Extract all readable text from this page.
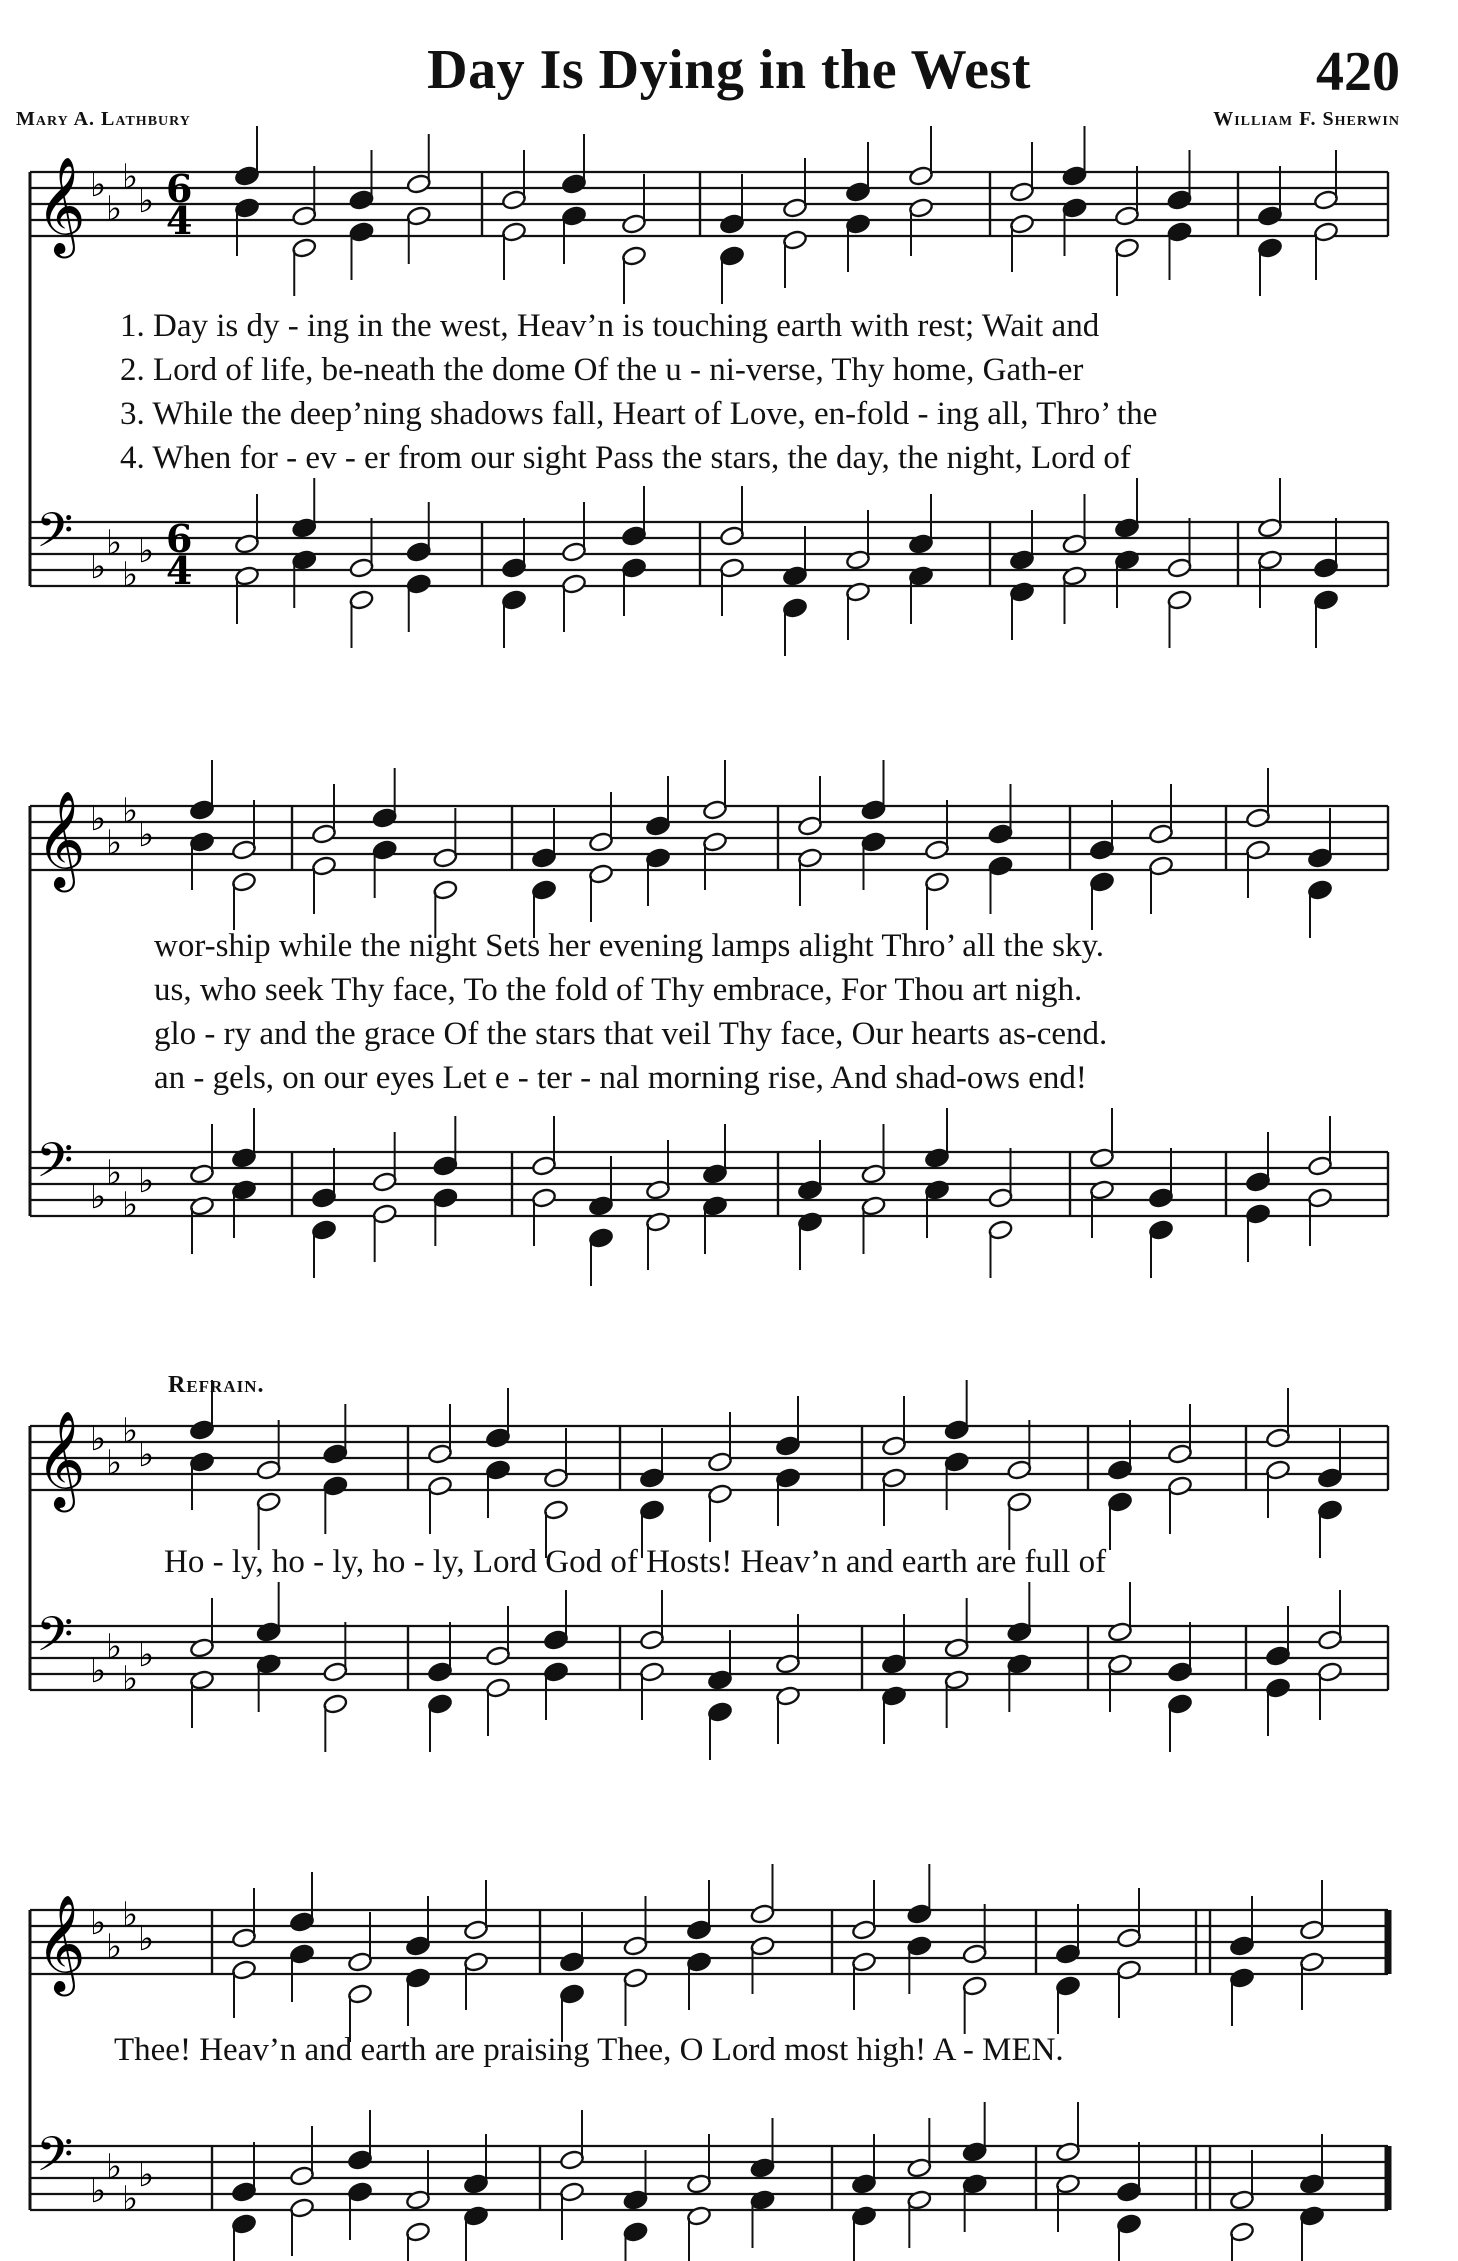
Day Is Dying in the West	420
Mary A. Lathbury	William F. Sherwin
𝄞 ♭
♭
♭
♭
𝄢 ♭
♭
♭
♭
6
4
6
4
𝄞 ♭
♭
♭
♭
𝄢 ♭
♭
♭
♭
𝄞 ♭
♭
♭
♭
𝄢 ♭
♭
♭
♭
𝄞 ♭
♭
♭
♭
𝄢 ♭
♭
♭
♭
1. Day is dy - ing in the west, Heav’n is touching earth with rest; Wait and
2. Lord of life, be-neath the dome Of the u - ni-verse, Thy home, Gath-er
3. While the deep’ning shadows fall, Heart of Love, en-fold - ing all, Thro’ the
4. When for - ev - er from our sight Pass the stars, the day, the night, Lord of
wor-ship while the night Sets her evening lamps alight Thro’ all the sky.
us, who seek Thy face, To the fold of Thy embrace, For Thou art nigh.
glo - ry and the grace Of the stars that veil Thy face, Our hearts as-cend.
an - gels, on our eyes Let e - ter - nal morning rise, And shad-ows end!
Refrain.
Ho - ly, ho - ly, ho - ly, Lord God of Hosts! Heav’n and earth are full of
Thee! Heav’n and earth are praising Thee, O Lord most high! A - MEN.
